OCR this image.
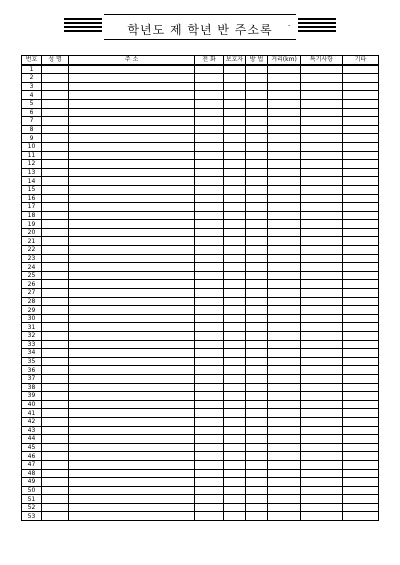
학년도 제 학년 반 주소록	-
번호	성 명	주 소	전 화	보호자	방 법	거리(km)	특기사항	기타
1								
2								
3								
4								
5								
6								
7								
8								
9								
10								
11								
12								
13								
14								
15								
16								
17								
18								
19								
20								
21								
22								
23								
24								
25								
26								
27								
28								
29								
30								
31								
32								
33								
34								
35								
36								
37								
38								
39								
40								
41								
42								
43								
44								
45								
46								
47								
48								
49								
50								
51								
52								
53								
